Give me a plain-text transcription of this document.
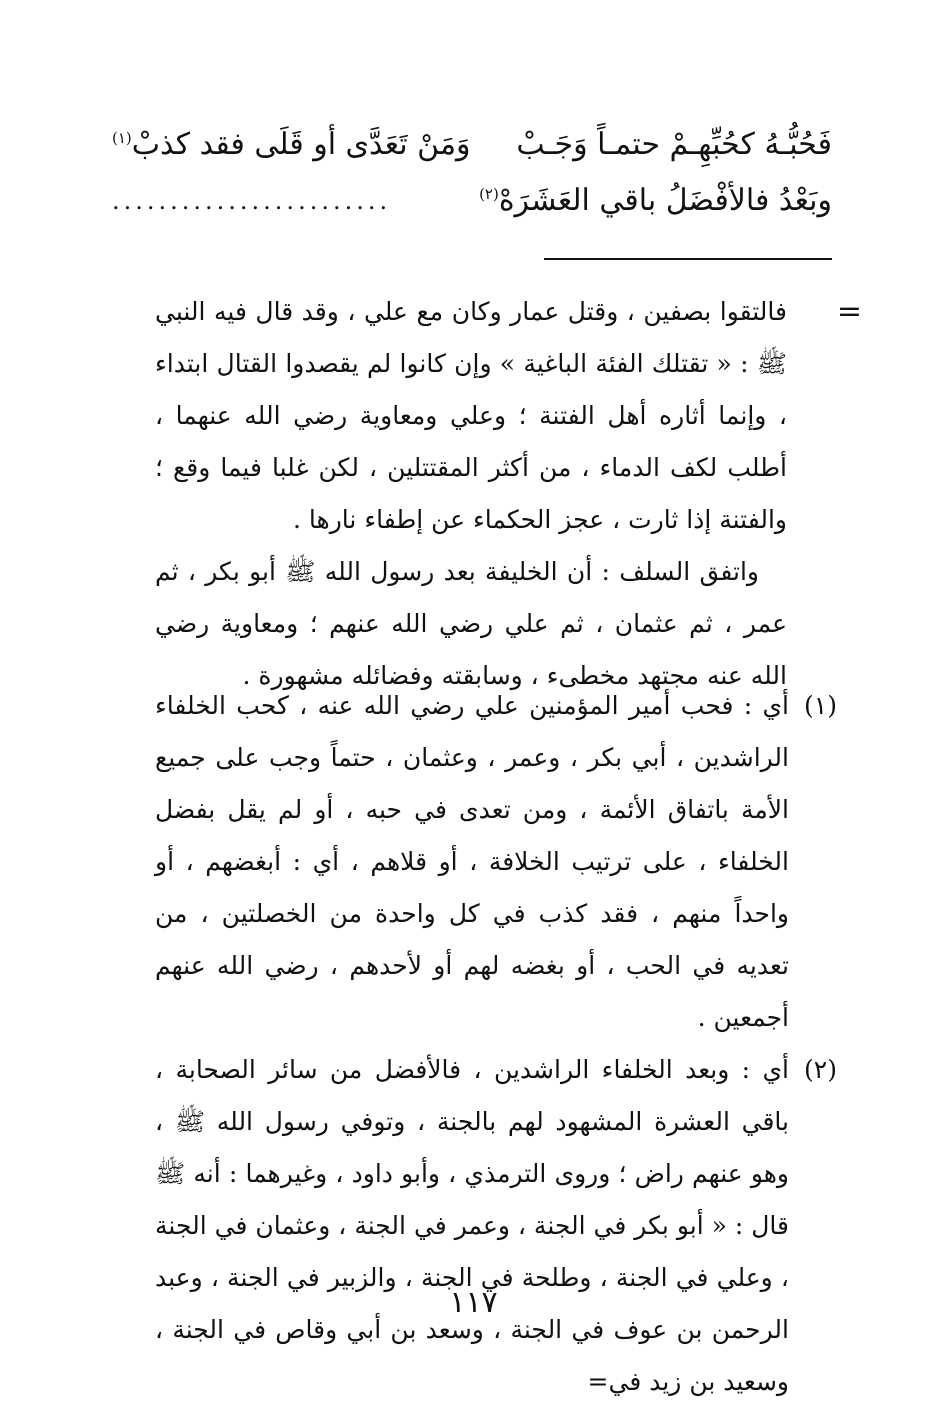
فَحُبُّـهُ كحُبِّهِـمْ حتمـاً وَجَـبْ
وَمَنْ تَعَدَّى أو قَلَى فقد كذبْ$^{(١)}$
وبَعْدُ فالأفْضَلُ باقي العَشَرَهْ$^{(٢)}$
........................
=

فالتقوا بصفين ، وقتل عمار وكان مع علي ، وقد قال فيه النبي ﷺ : « تقتلك الفئة الباغية » وإن كانوا لم يقصدوا القتال ابتداء ، وإنما أثاره أهل الفتنة ؛ وعلي ومعاوية رضي الله عنهما ، أطلب لكف الدماء ، من أكثر المقتتلين ، لكن غلبا فيما وقع ؛ والفتنة إذا ثارت ، عجز الحكماء عن إطفاء نارها .

واتفق السلف : أن الخليفة بعد رسول الله ﷺ أبو بكر ، ثم عمر ، ثم عثمان ، ثم علي رضي الله عنهم ؛ ومعاوية رضي الله عنه مجتهد مخطىء ، وسابقته وفضائله مشهورة .

(١)
أي : فحب أمير المؤمنين علي رضي الله عنه ، كحب الخلفاء الراشدين ، أبي بكر ، وعمر ، وعثمان ، حتماً وجب على جميع الأمة باتفاق الأئمة ، ومن تعدى في حبه ، أو لم يقل بفضل الخلفاء ، على ترتيب الخلافة ، أو قلاهم ، أي : أبغضهم ، أو واحداً منهم ، فقد كذب في كل واحدة من الخصلتين ، من تعديه في الحب ، أو بغضه لهم أو لأحدهم ، رضي الله عنهم أجمعين .

(٢)
أي : وبعد الخلفاء الراشدين ، فالأفضل من سائر الصحابة ، باقي العشرة المشهود لهم بالجنة ، وتوفي رسول الله ﷺ ، وهو عنهم راض ؛ وروى الترمذي ، وأبو داود ، وغيرهما : أنه ﷺ قال : « أبو بكر في الجنة ، وعمر في الجنة ، وعثمان في الجنة ، وعلي في الجنة ، وطلحة في الجنة ، والزبير في الجنة ، وعبد الرحمن بن عوف في الجنة ، وسعد بن أبي وقاص في الجنة ، وسعيد بن زيد في=

١١٧
